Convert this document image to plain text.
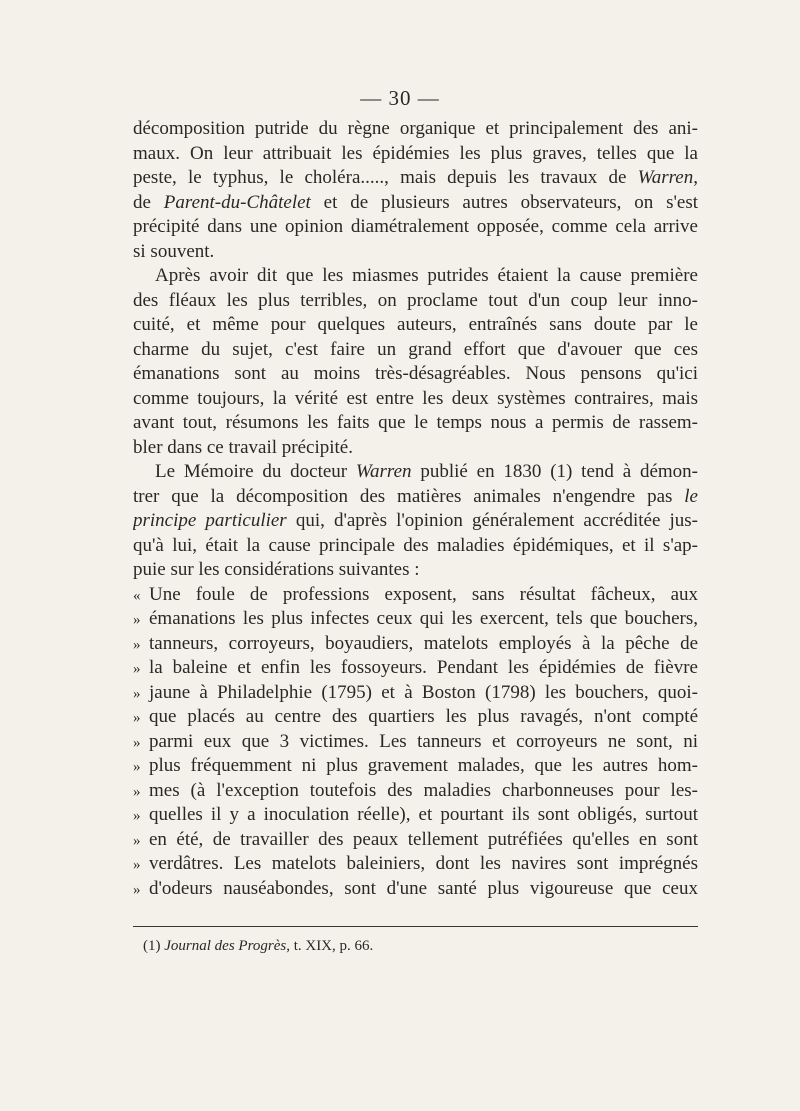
— 30 —
décomposition putride du règne organique et principalement des ani-
maux. On leur attribuait les épidémies les plus graves, telles que la
peste, le typhus, le choléra....., mais depuis les travaux de Warren,
de Parent-du-Châtelet et de plusieurs autres observateurs, on s'est
précipité dans une opinion diamétralement opposée, comme cela arrive
si souvent.
Après avoir dit que les miasmes putrides étaient la cause première
des fléaux les plus terribles, on proclame tout d'un coup leur inno-
cuité, et même pour quelques auteurs, entraînés sans doute par le
charme du sujet, c'est faire un grand effort que d'avouer que ces
émanations sont au moins très-désagréables. Nous pensons qu'ici
comme toujours, la vérité est entre les deux systèmes contraires, mais
avant tout, résumons les faits que le temps nous a permis de rassem-
bler dans ce travail précipité.
Le Mémoire du docteur Warren publié en 1830 (1) tend à démon-
trer que la décomposition des matières animales n'engendre pas le
principe particulier qui, d'après l'opinion généralement accréditée jus-
qu'à lui, était la cause principale des maladies épidémiques, et il s'ap-
puie sur les considérations suivantes :
« Une foule de professions exposent, sans résultat fâcheux, aux
» émanations les plus infectes ceux qui les exercent, tels que bouchers,
» tanneurs, corroyeurs, boyaudiers, matelots employés à la pêche de
» la baleine et enfin les fossoyeurs. Pendant les épidémies de fièvre
» jaune à Philadelphie (1795) et à Boston (1798) les bouchers, quoi-
» que placés au centre des quartiers les plus ravagés, n'ont compté
» parmi eux que 3 victimes. Les tanneurs et corroyeurs ne sont, ni
» plus fréquemment ni plus gravement malades, que les autres hom-
» mes (à l'exception toutefois des maladies charbonneuses pour les-
» quelles il y a inoculation réelle), et pourtant ils sont obligés, surtout
» en été, de travailler des peaux tellement putréfiées qu'elles en sont
» verdâtres. Les matelots baleiniers, dont les navires sont imprégnés
» d'odeurs nauséabondes, sont d'une santé plus vigoureuse que ceux
(1) Journal des Progrès, t. XIX, p. 66.
